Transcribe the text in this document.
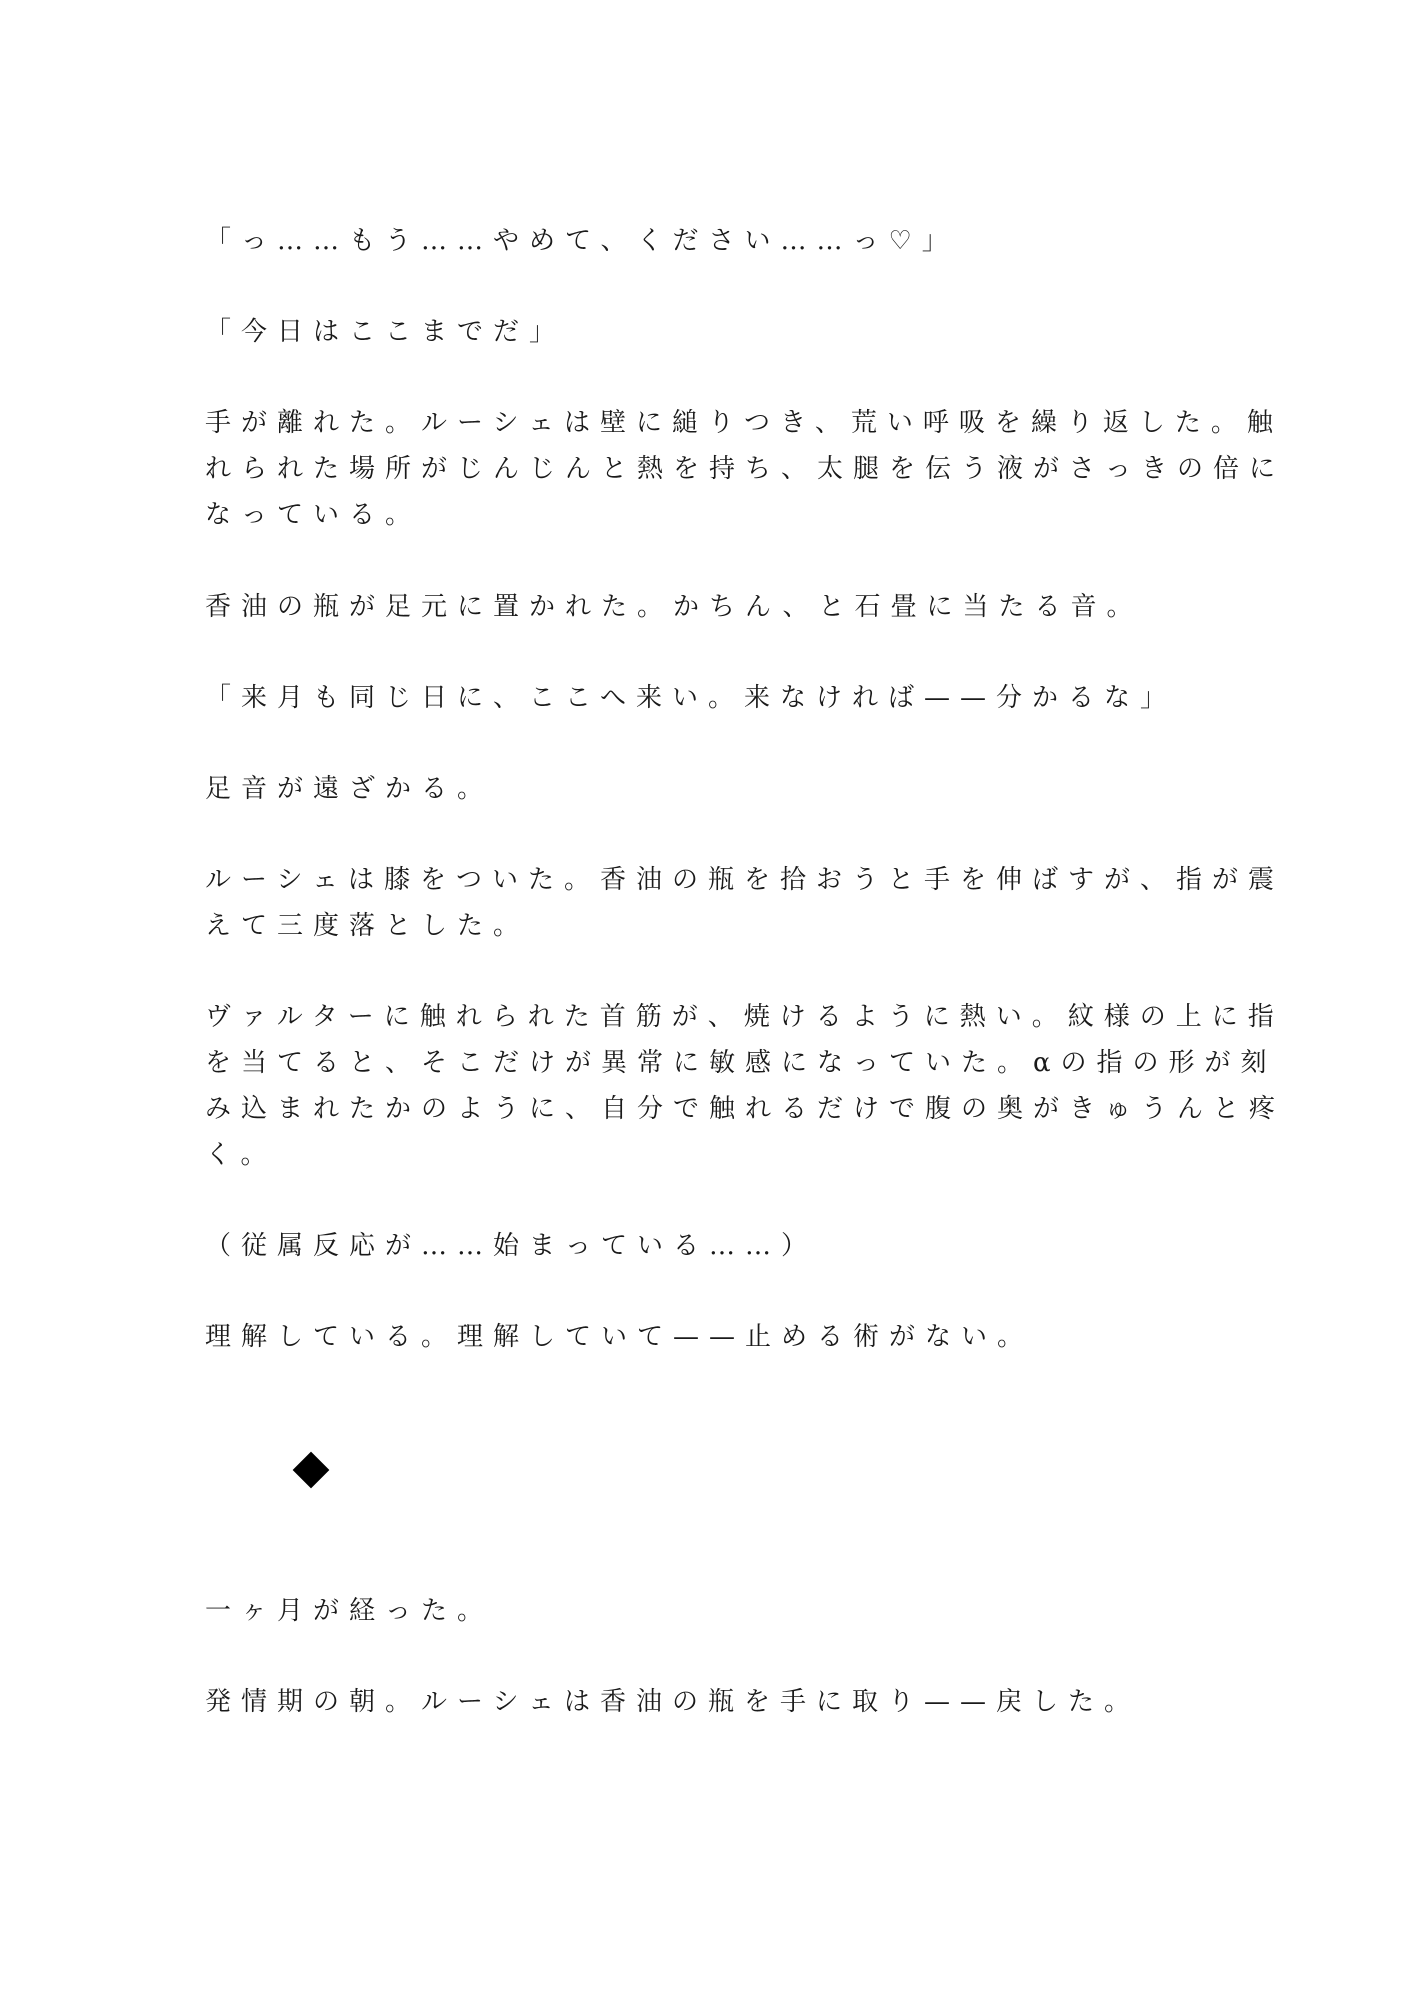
「っ……もう……やめて、ください……っ♡」
「今日はここまでだ」
手が離れた。ルーシェは壁に縋りつき、荒い呼吸を繰り返した。触
れられた場所がじんじんと熱を持ち、太腿を伝う液がさっきの倍に
なっている。
香油の瓶が足元に置かれた。かちん、と石畳に当たる音。
「来月も同じ日に、ここへ来い。来なければ——分かるな」
足音が遠ざかる。
ルーシェは膝をついた。香油の瓶を拾おうと手を伸ばすが、指が震
えて三度落とした。
ヴァルターに触れられた首筋が、焼けるように熱い。紋様の上に指
を当てると、そこだけが異常に敏感になっていた。αの指の形が刻
み込まれたかのように、自分で触れるだけで腹の奥がきゅうんと疼
く。
（従属反応が……始まっている……）
理解している。理解していて——止める術がない。
一ヶ月が経った。
発情期の朝。ルーシェは香油の瓶を手に取り——戻した。
